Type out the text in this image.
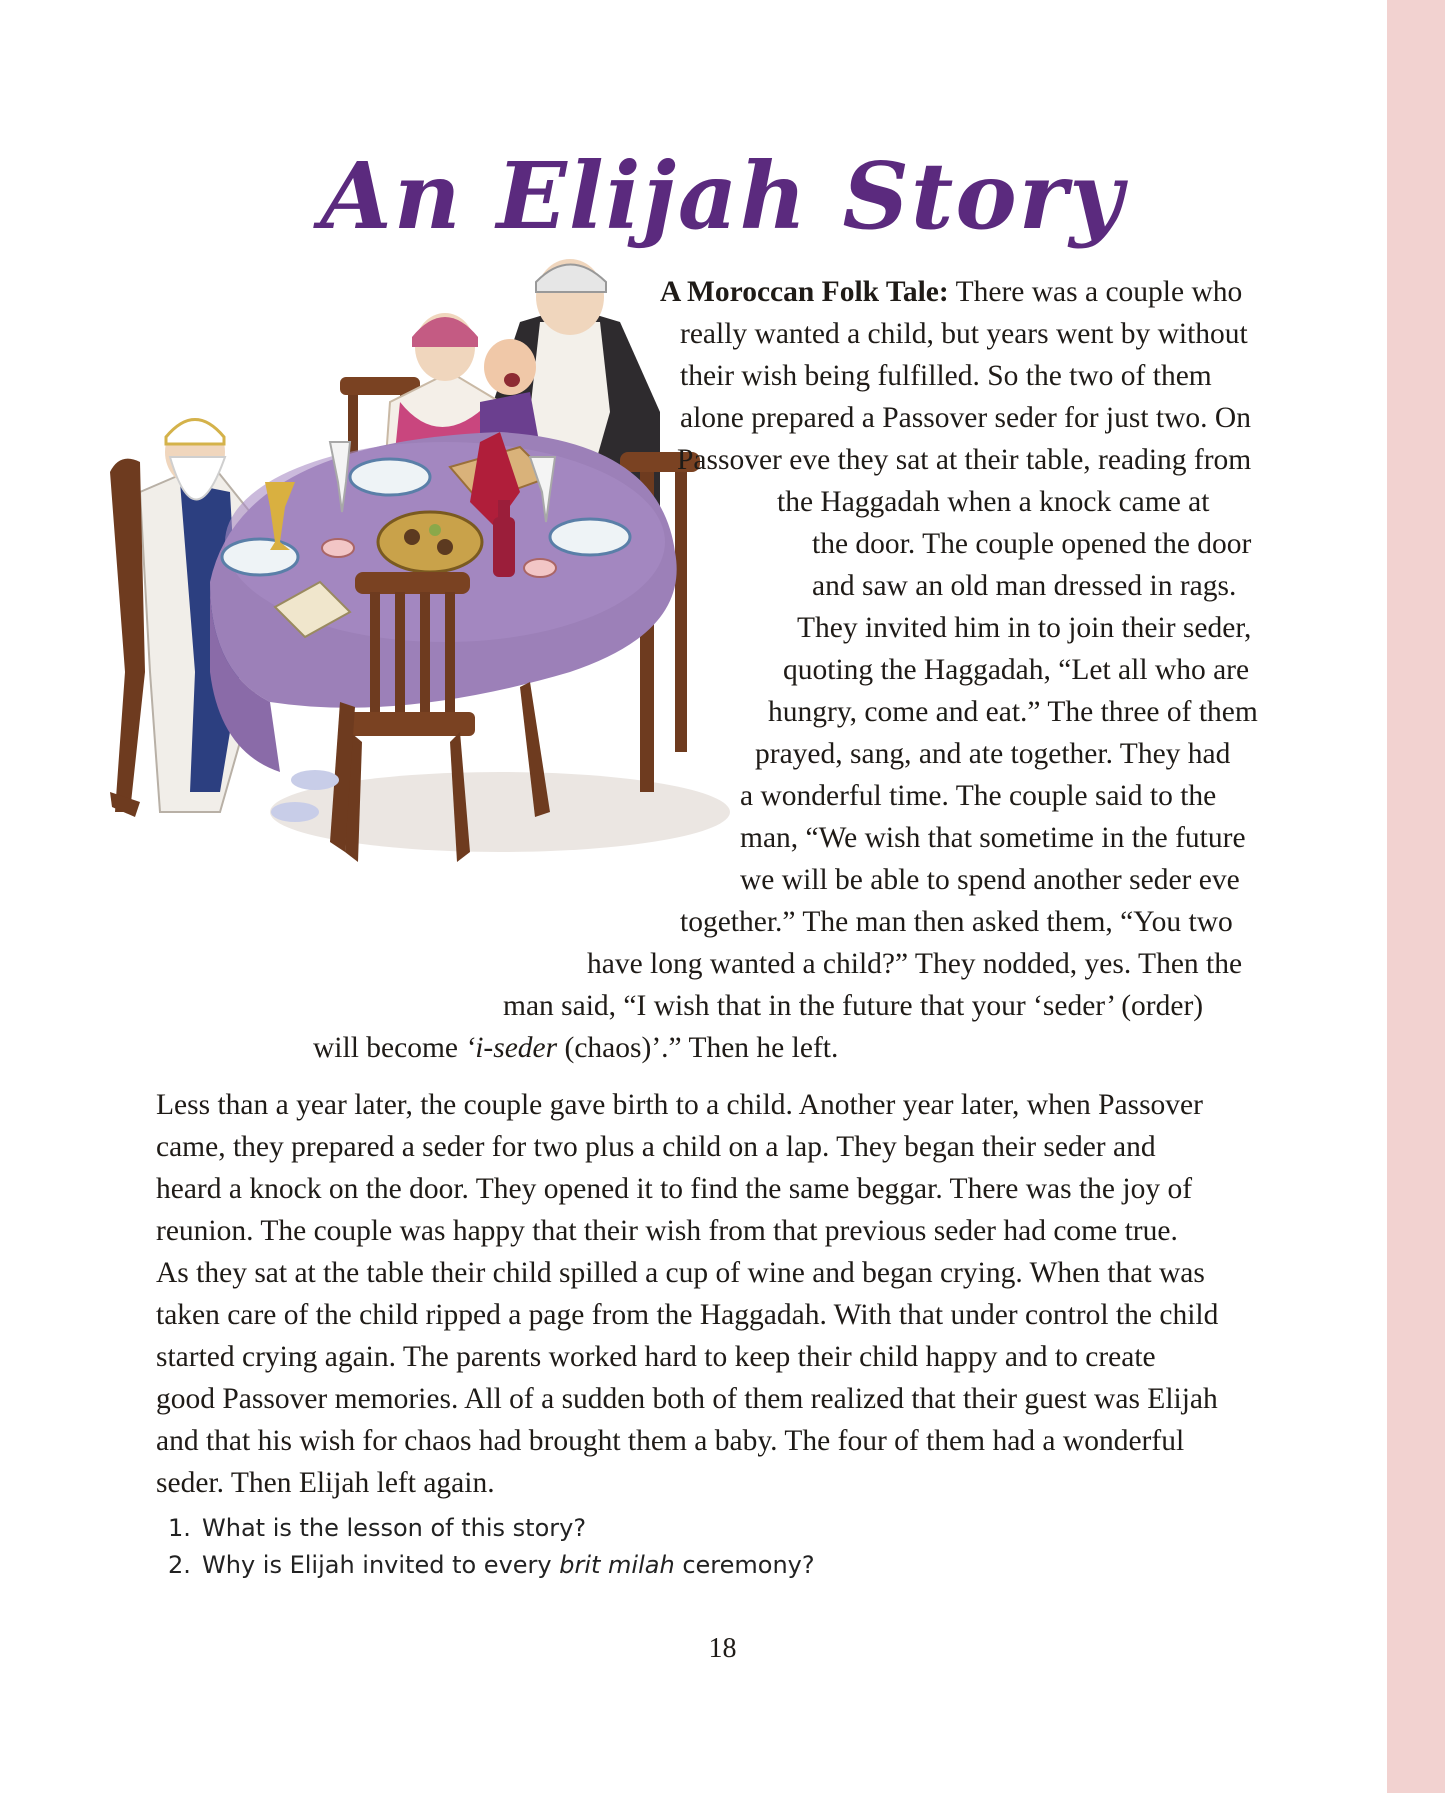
An Elijah Story
A Moroccan Folk Tale: There was a couple who
really wanted a child, but years went by without
their wish being fulfilled. So the two of them
alone prepared a Passover seder for just two. On
Passover eve they sat at their table, reading from
the Haggadah when a knock came at
the door. The couple opened the door
and saw an old man dressed in rags.
They invited him in to join their seder,
quoting the Haggadah, “Let all who are
hungry, come and eat.” The three of them
prayed, sang, and ate together. They had
a wonderful time. The couple said to the
man, “We wish that sometime in the future
we will be able to spend another seder eve
together.” The man then asked them, “You two
have long wanted a child?” They nodded, yes. Then the
man said, “I wish that in the future that your ‘seder’ (order)
will become ‘i-seder (chaos)’.” Then he left.
Less than a year later, the couple gave birth to a child. Another year later, when Passover
came, they prepared a seder for two plus a child on a lap. They began their seder and
heard a knock on the door. They opened it to find the same beggar. There was the joy of
reunion. The couple was happy that their wish from that previous seder had come true.
As they sat at the table their child spilled a cup of wine and began crying. When that was
taken care of the child ripped a page from the Haggadah. With that under control the child
started crying again. The parents worked hard to keep their child happy and to create
good Passover memories. All of a sudden both of them realized that their guest was Elijah
and that his wish for chaos had brought them a baby. The four of them had a wonderful
seder. Then Elijah left again.
1. What is the lesson of this story?
2. Why is Elijah invited to every brit milah ceremony?
18
